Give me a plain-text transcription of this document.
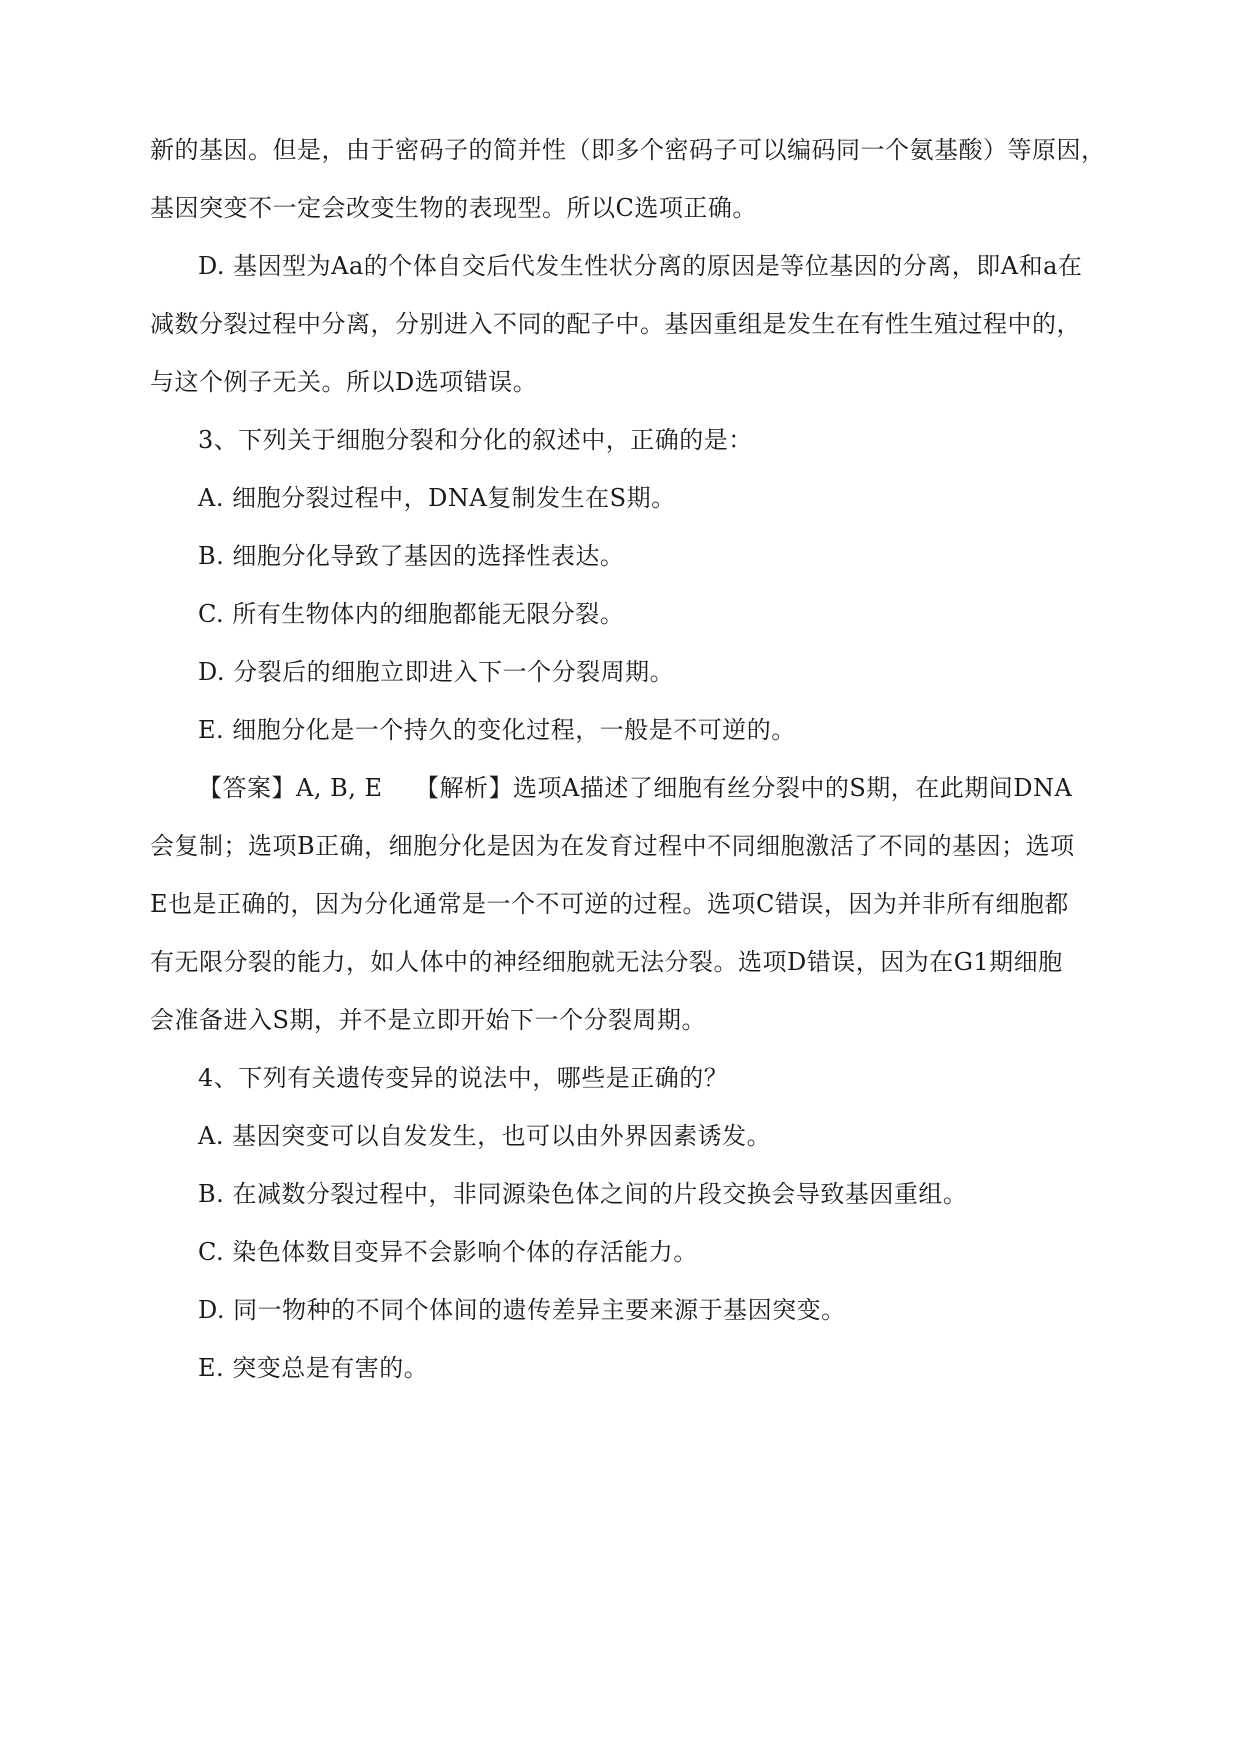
新的基因。但是，由于密码子的简并性（即多个密码子可以编码同一个氨基酸）等原因，
基因突变不一定会改变生物的表现型。所以C选项正确。
D. 基因型为Aa的个体自交后代发生性状分离的原因是等位基因的分离，即A和a在
减数分裂过程中分离，分别进入不同的配子中。基因重组是发生在有性生殖过程中的，
与这个例子无关。所以D选项错误。
3、下列关于细胞分裂和分化的叙述中，正确的是：
A. 细胞分裂过程中，DNA复制发生在S期。
B. 细胞分化导致了基因的选择性表达。
C. 所有生物体内的细胞都能无限分裂。
D. 分裂后的细胞立即进入下一个分裂周期。
E. 细胞分化是一个持久的变化过程，一般是不可逆的。
【答案】A, B, E    【解析】选项A描述了细胞有丝分裂中的S期，在此期间DNA
会复制；选项B正确，细胞分化是因为在发育过程中不同细胞激活了不同的基因；选项
E也是正确的，因为分化通常是一个不可逆的过程。选项C错误，因为并非所有细胞都
有无限分裂的能力，如人体中的神经细胞就无法分裂。选项D错误，因为在G1期细胞
会准备进入S期，并不是立即开始下一个分裂周期。
4、下列有关遗传变异的说法中，哪些是正确的？
A. 基因突变可以自发发生，也可以由外界因素诱发。
B. 在减数分裂过程中，非同源染色体之间的片段交换会导致基因重组。
C. 染色体数目变异不会影响个体的存活能力。
D. 同一物种的不同个体间的遗传差异主要来源于基因突变。
E. 突变总是有害的。
